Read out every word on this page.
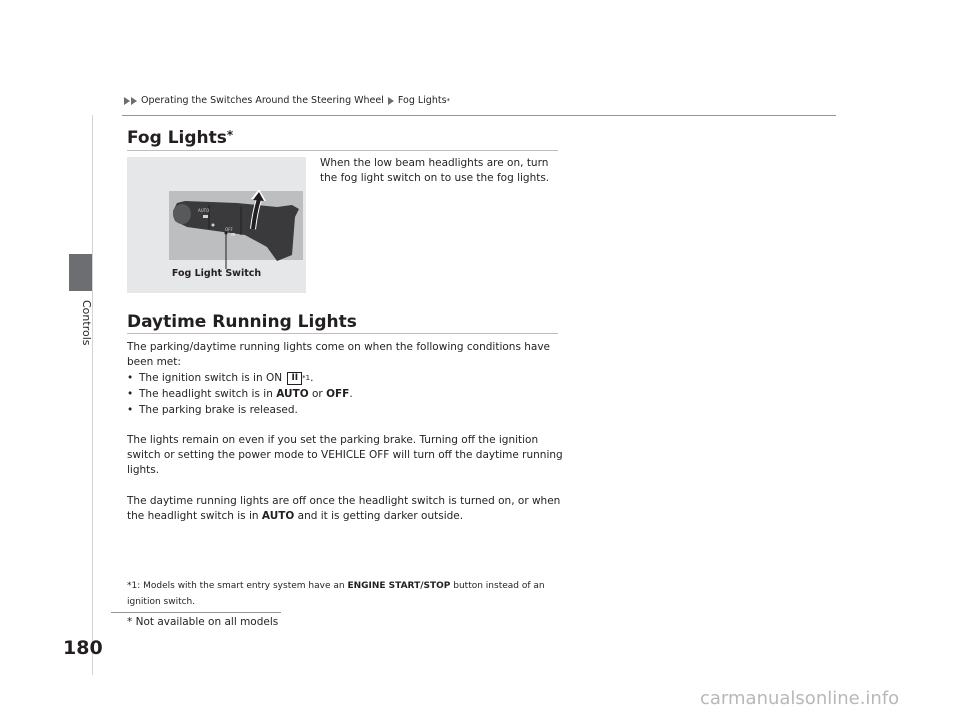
Controls
180
Operating the Switches Around the Steering Wheel Fog Lights *
Fog Lights*
AUTO
OFF
Fog Light Switch
When the low beam headlights are on, turn the fog light switch on to use the fog lights.
Daytime Running Lights
The parking/daytime running lights come on when the following conditions have been met:
• The ignition switch is in ON
	II *1 .
• The headlight switch is in
AUTO
or
OFF .
• The parking brake is released.
The lights remain on even if you set the parking brake. Turning off the ignition switch or setting the power mode to VEHICLE OFF will turn off the daytime running lights.
The daytime running lights are off once the headlight switch is turned on, or when the headlight switch is in AUTO and it is getting darker outside.
*1: Models with the smart entry system have an ENGINE START/STOP button instead of an ignition switch.
* Not available on all models
carmanualsonline.info
